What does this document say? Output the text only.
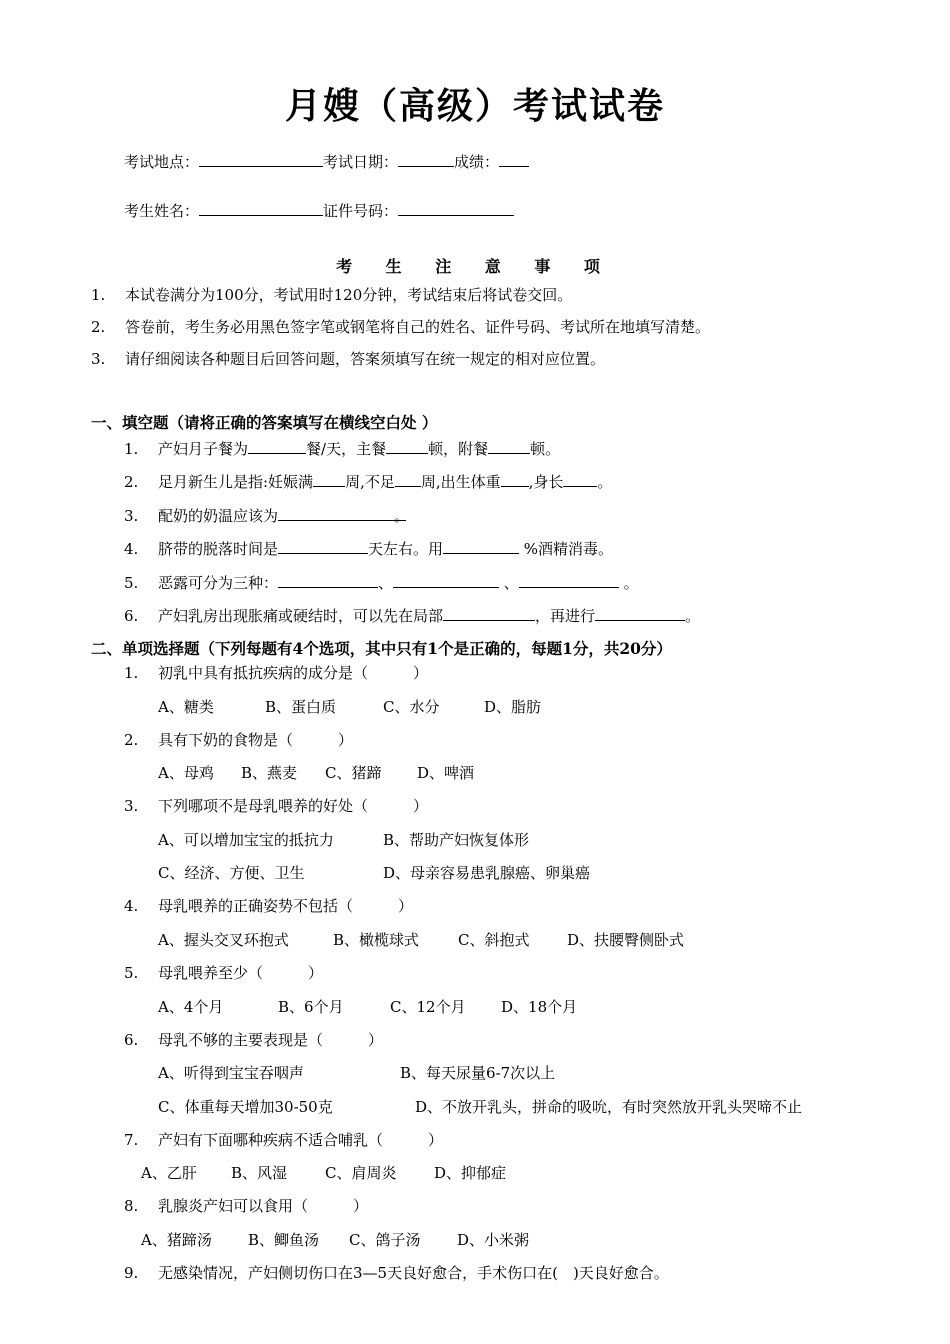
月嫂（高级）考试试卷
考试地点：	考试日期：	成绩：
考生姓名：	证件号码：
考 生 注 意 事 项
1. 本试卷满分为100分，考试用时120分钟，考试结束后将试卷交回。
2. 答卷前，考生务必用黑色签字笔或钢笔将自己的姓名、证件号码、考试所在地填写清楚。
3. 请仔细阅读各种题目后回答问题，答案须填写在统一规定的相对应位置。
一、填空题（请将正确的答案填写在横线空白处 ）
1. 产妇月子餐为	餐/天，主餐	顿，附餐	顿。
2. 足月新生儿是指:妊娠满 周,不足 周,出生体重 ,身长 。
3. 配奶的奶温应该为	。
4. 脐带的脱落时间是	天左右。用	%酒精消毒。
5. 恶露可分为三种：	、	、	。
6. 产妇乳房出现胀痛或硬结时，可以先在局部	，再进行	。
二、单项选择题（下列每题有4个选项，其中只有1个是正确的，每题1分，共20分）
1. 初乳中具有抵抗疾病的成分是（　　　）
A、糖类	B、蛋白质	C、水分	D、脂肪
2. 具有下奶的食物是（　　　）
A、母鸡 B、燕麦 C、猪蹄 D、啤酒
3. 下列哪项不是母乳喂养的好处（　　　）
A、可以增加宝宝的抵抗力	B、帮助产妇恢复体形
C、经济、方便、卫生	D、母亲容易患乳腺癌、卵巢癌
4. 母乳喂养的正确姿势不包括（　　　）
A、握头交叉环抱式	B、橄榄球式	C、斜抱式	D、扶腰臀侧卧式
5. 母乳喂养至少（　　　）
A、4个月	B、6个月	C、12个月 D、18个月
6. 母乳不够的主要表现是（　　　）
A、听得到宝宝吞咽声	B、每天尿量6-7次以上
C、体重每天增加30-50克	D、不放开乳头，拼命的吸吮，有时突然放开乳头哭啼不止
7. 产妇有下面哪种疾病不适合哺乳（　　　）
A、乙肝 B、风湿	C、肩周炎	D、抑郁症
8. 乳腺炎产妇可以食用（　　　）
A、猪蹄汤 B、鲫鱼汤 C、鸽子汤 D、小米粥
9. 无感染情况，产妇侧切伤口在3—5天良好愈合，手术伤口在(　)天良好愈合。
